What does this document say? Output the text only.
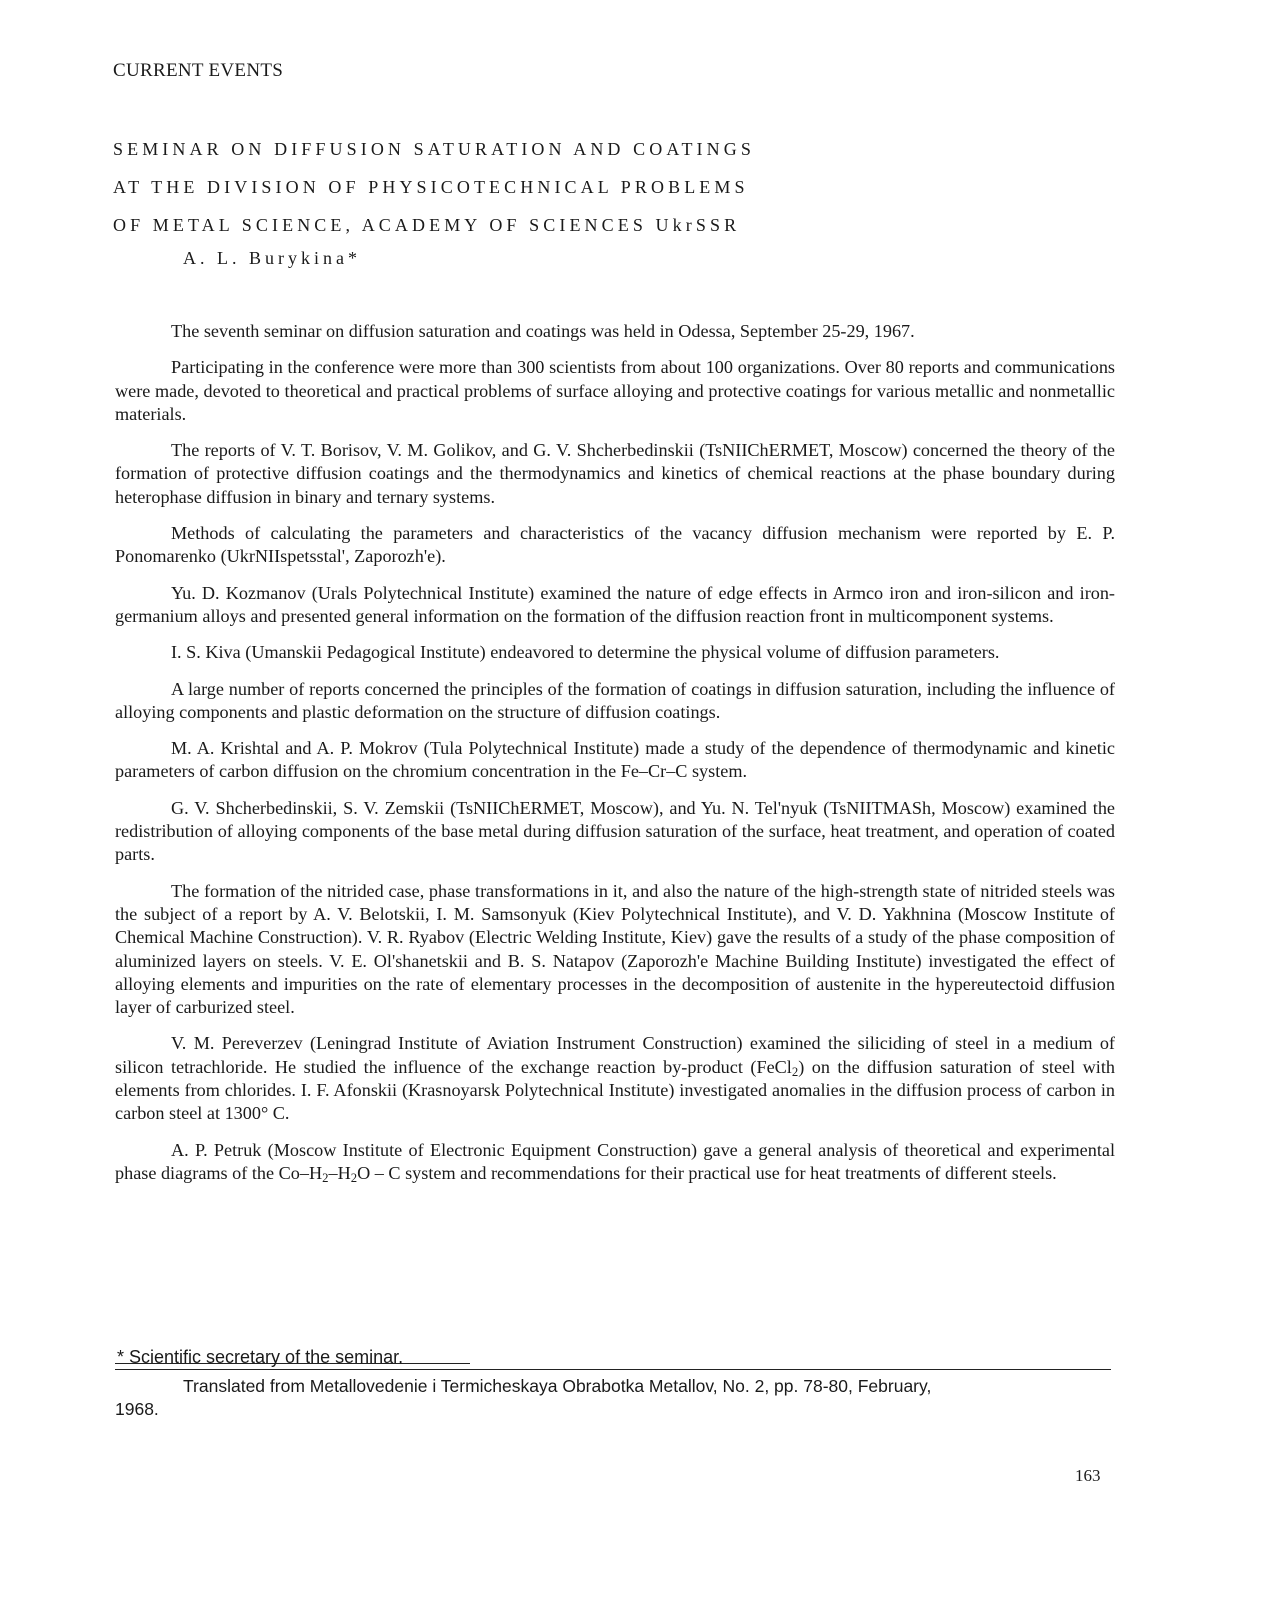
CURRENT EVENTS
SEMINAR ON DIFFUSION SATURATION AND COATINGS
AT THE DIVISION OF PHYSICOTECHNICAL PROBLEMS
OF METAL SCIENCE, ACADEMY OF SCIENCES UkrSSR
A. L. Burykina*

The seventh seminar on diffusion saturation and coatings was held in Odessa, September 25-29, 1967.

Participating in the conference were more than 300 scientists from about 100 organizations. Over 80 reports and communications were made, devoted to theoretical and practical problems of surface alloying and protective coatings for various metallic and nonmetallic materials.

The reports of V. T. Borisov, V. M. Golikov, and G. V. Shcherbedinskii (TsNIIChERMET, Moscow) concerned the theory of the formation of protective diffusion coatings and the thermodynamics and kinetics of chemical reactions at the phase boundary during heterophase diffusion in binary and ternary systems.

Methods of calculating the parameters and characteristics of the vacancy diffusion mechanism were reported by E. P. Ponomarenko (UkrNIIspetsstal', Zaporozh'e).

Yu. D. Kozmanov (Urals Polytechnical Institute) examined the nature of edge effects in Armco iron and iron-silicon and iron-germanium alloys and presented general information on the formation of the diffusion reaction front in multicomponent systems.

I. S. Kiva (Umanskii Pedagogical Institute) endeavored to determine the physical volume of diffusion parameters.

A large number of reports concerned the principles of the formation of coatings in diffusion saturation, including the influence of alloying components and plastic deformation on the structure of diffusion coatings.

M. A. Krishtal and A. P. Mokrov (Tula Polytechnical Institute) made a study of the dependence of thermodynamic and kinetic parameters of carbon diffusion on the chromium concentration in the Fe–Cr–C system.

G. V. Shcherbedinskii, S. V. Zemskii (TsNIIChERMET, Moscow), and Yu. N. Tel'nyuk (TsNIITMASh, Moscow) examined the redistribution of alloying components of the base metal during diffusion saturation of the surface, heat treatment, and operation of coated parts.

The formation of the nitrided case, phase transformations in it, and also the nature of the high-strength state of nitrided steels was the subject of a report by A. V. Belotskii, I. M. Samsonyuk (Kiev Polytechnical Institute), and V. D. Yakhnina (Moscow Institute of Chemical Machine Construction). V. R. Ryabov (Electric Welding Institute, Kiev) gave the results of a study of the phase composition of aluminized layers on steels. V. E. Ol'shanetskii and B. S. Natapov (Zaporozh'e Machine Building Institute) investigated the effect of alloying elements and impurities on the rate of elementary processes in the decomposition of austenite in the hypereutectoid diffusion layer of carburized steel.

V. M. Pereverzev (Leningrad Institute of Aviation Instrument Construction) examined the siliciding of steel in a medium of silicon tetrachloride. He studied the influence of the exchange reaction by-product (FeCl$_2$) on the diffusion saturation of steel with elements from chlorides. I. F. Afonskii (Krasnoyarsk Polytechnical Institute) investigated anomalies in the diffusion process of carbon in carbon steel at 1300° C.

A. P. Petruk (Moscow Institute of Electronic Equipment Construction) gave a general analysis of theoretical and experimental phase diagrams of the $Co-H_2-H_2O$ – C system and recommendations for their practical use for heat treatments of different steels.

* Scientific secretary of the seminar.
Translated from Metallovedenie i Termicheskaya Obrabotka Metallov, No. 2, pp. 78-80, February,
1968.
163
